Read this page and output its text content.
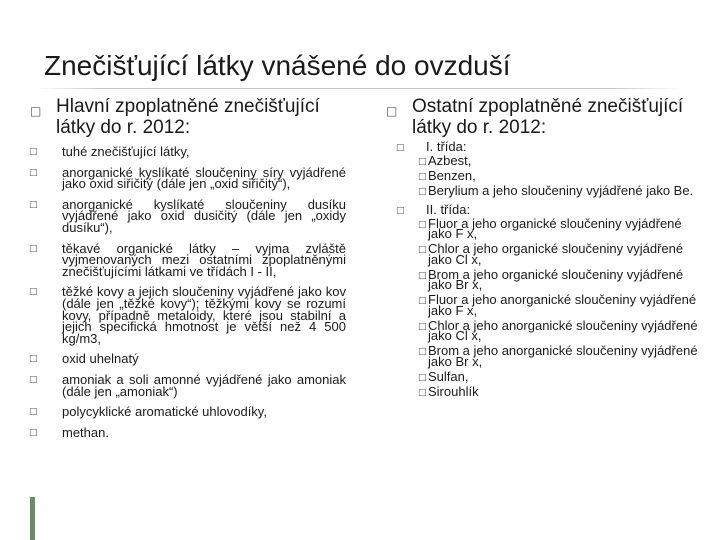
Znečišťující látky vnášené do ovzduší
□ Hlavní zpoplatněné znečišťující látky do r. 2012:
□ tuhé znečišťující látky,
□ anorganické kyslíkaté sloučeniny síry vyjádřené jako oxid siřičitý (dále jen „oxid siřičitý“),
□ anorganické kyslíkaté sloučeniny dusíku vyjádřené jako oxid dusičitý (dále jen „oxidy dusíku“),
□ těkavé organické látky – vyjma zvláště vyjmenovaných mezi ostatními zpoplatněnými znečišťujícími látkami ve třídách I - II,
□ těžké kovy a jejich sloučeniny vyjádřené jako kov (dále jen „těžké kovy“); těžkými kovy se rozumí kovy, případně metaloidy, které jsou stabilní a jejich specifická hmotnost je větší než 4 500 kg/m3,
□ oxid uhelnatý
□ amoniak a soli amonné vyjádřené jako amoniak (dále jen „amoniak“)
□ polycyklické aromatické uhlovodíky,
□ methan.
□ Ostatní zpoplatněné znečišťující látky do r. 2012:
□ I. třída:
□ Azbest,
□ Benzen,
□ Berylium a jeho sloučeniny vyjádřené jako Be.
□ II. třída:
□ Fluor a jeho organické sloučeniny vyjádřené jako F x,
□ Chlor a jeho organické sloučeniny vyjádřené jako Cl x,
□ Brom a jeho organické sloučeniny vyjádřené jako Br x,
□ Fluor a jeho anorganické sloučeniny vyjádřené jako F x,
□ Chlor a jeho anorganické sloučeniny vyjádřené jako Cl x,
□ Brom a jeho anorganické sloučeniny vyjádřené jako Br x,
□ Sulfan,
□ Sirouhlík
